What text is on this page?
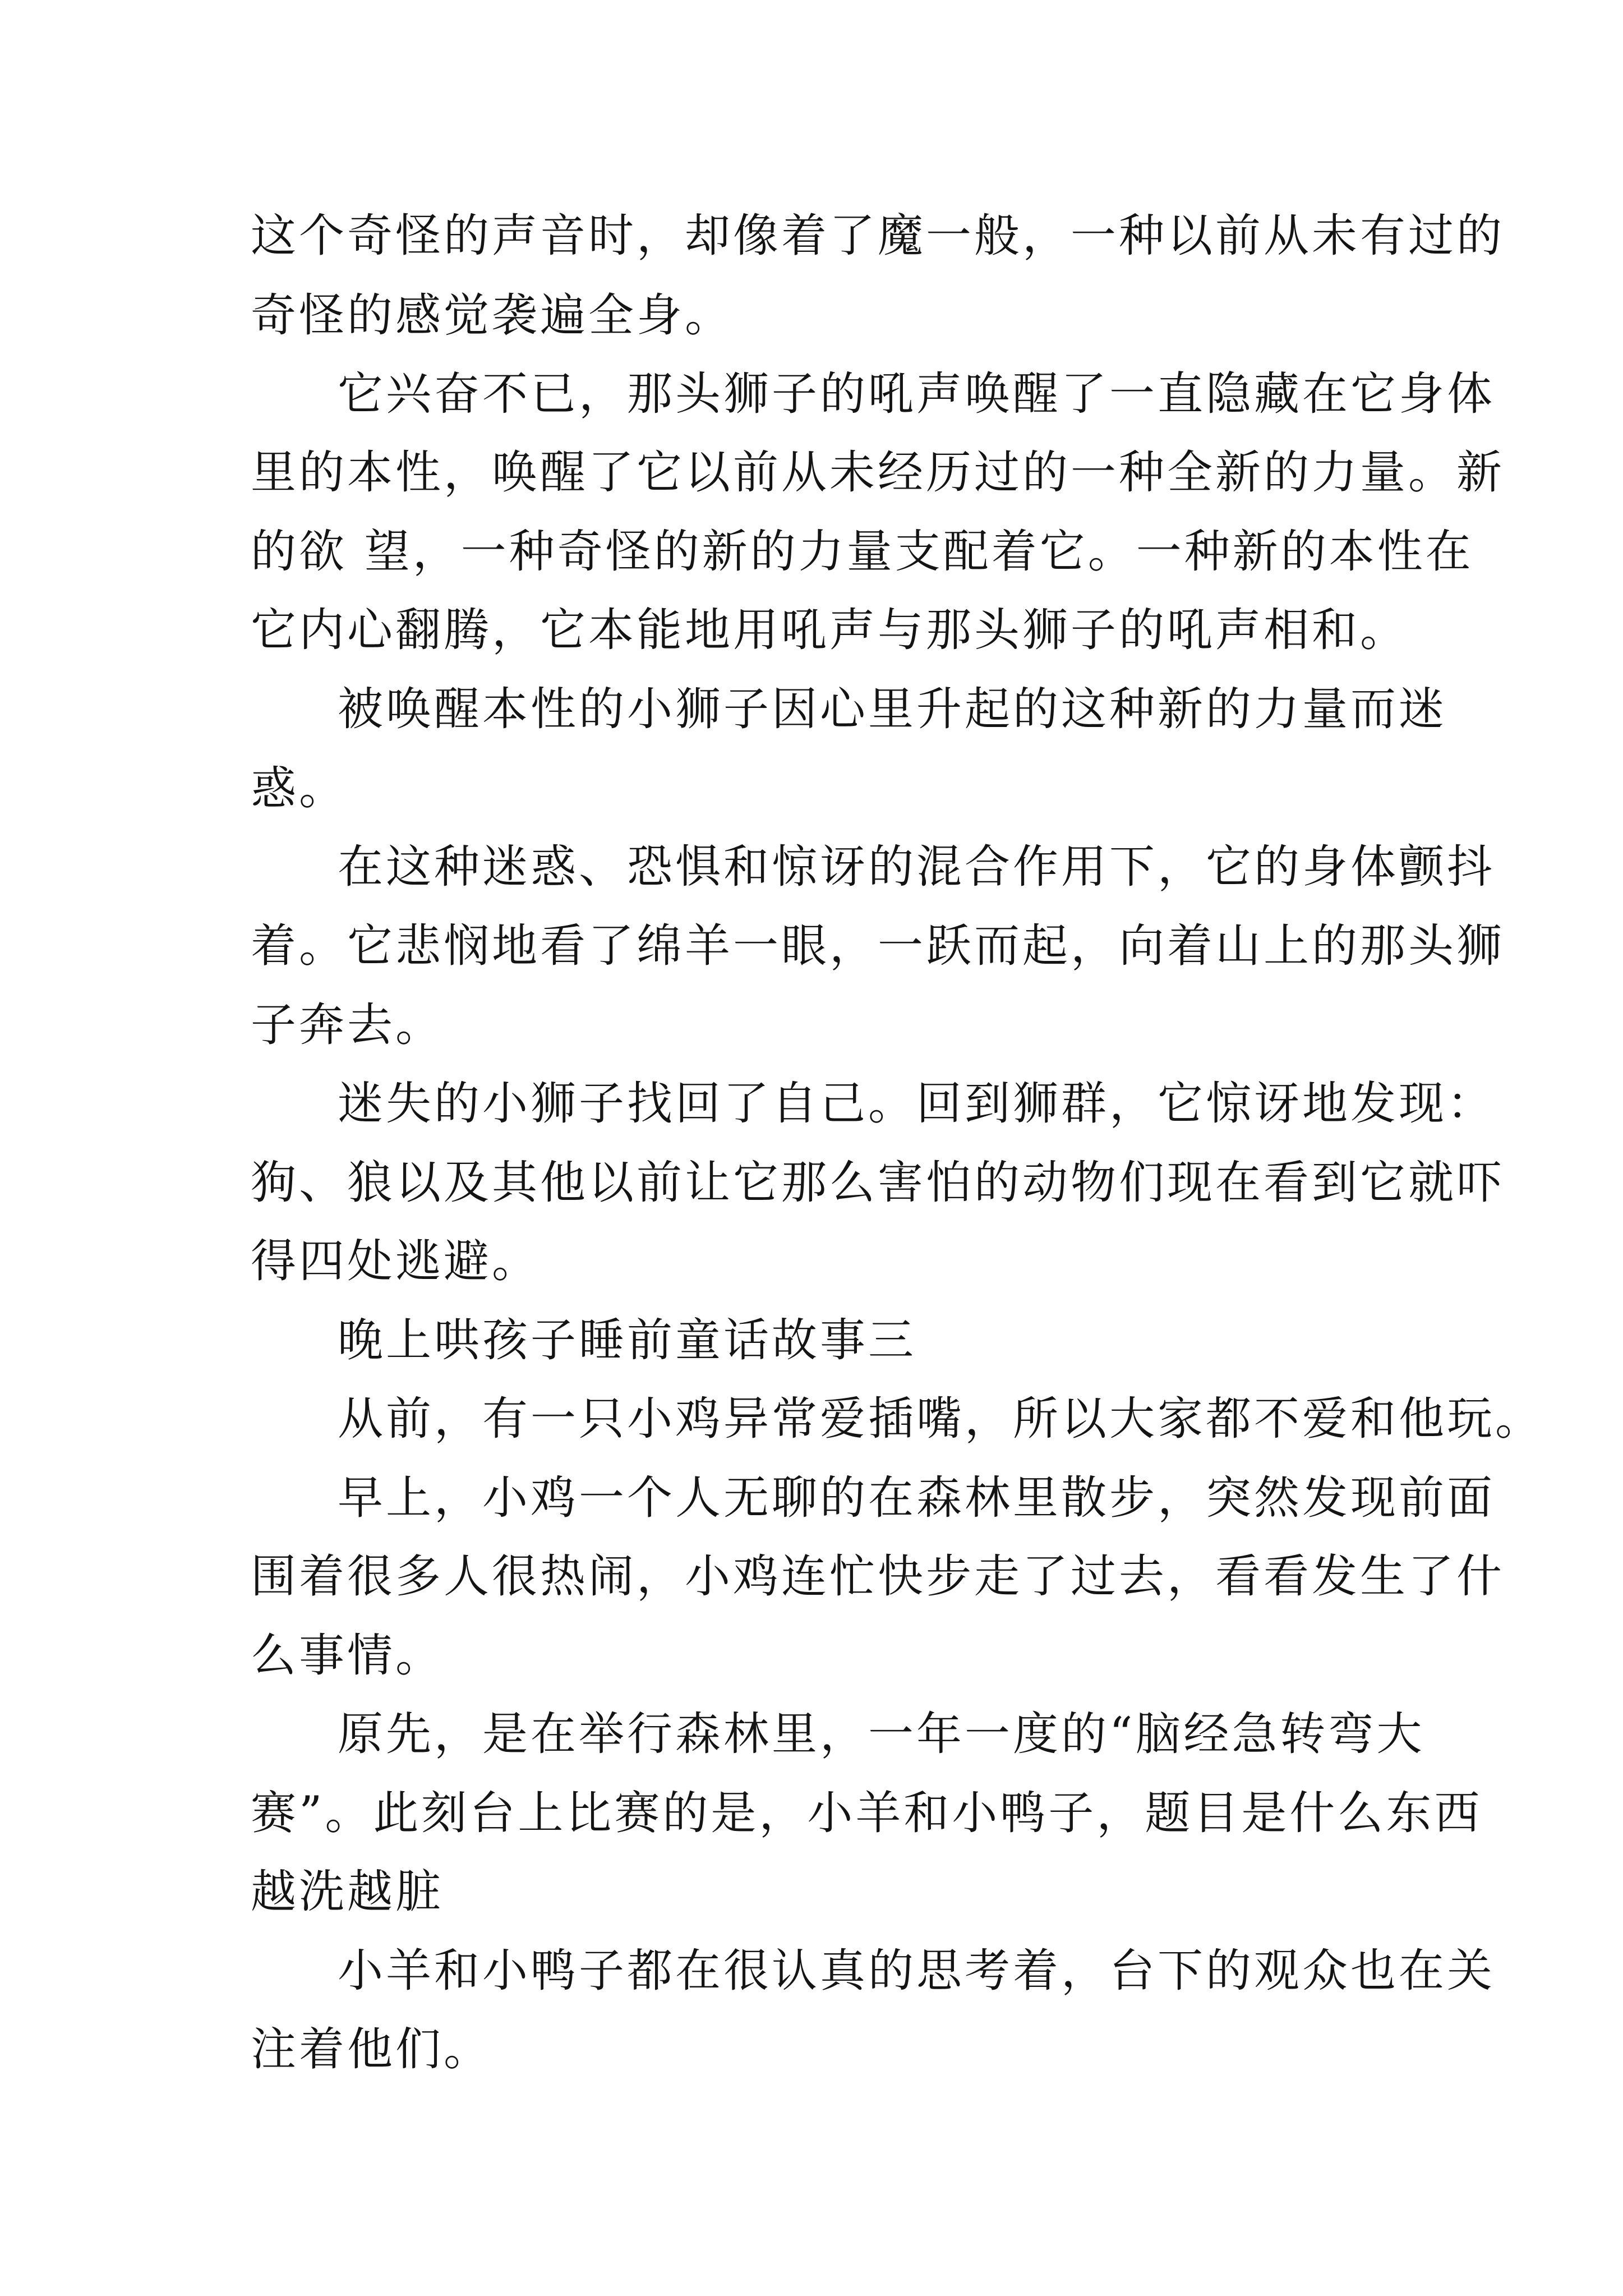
这个奇怪的声音时，却像着了魔一般，一种以前从未有过的
奇怪的感觉袭遍全身。
它兴奋不已，那头狮子的吼声唤醒了一直隐藏在它身体
里的本性，唤醒了它以前从未经历过的一种全新的力量。新
的欲 望，一种奇怪的新的力量支配着它。一种新的本性在
它内心翻腾，它本能地用吼声与那头狮子的吼声相和。
被唤醒本性的小狮子因心里升起的这种新的力量而迷
惑。
在这种迷惑、恐惧和惊讶的混合作用下，它的身体颤抖
着。它悲悯地看了绵羊一眼，一跃而起，向着山上的那头狮
子奔去。
迷失的小狮子找回了自己。回到狮群，它惊讶地发现：
狗、狼以及其他以前让它那么害怕的动物们现在看到它就吓
得四处逃避。
晚上哄孩子睡前童话故事三
从前，有一只小鸡异常爱插嘴，所以大家都不爱和他玩。
早上，小鸡一个人无聊的在森林里散步，突然发现前面
围着很多人很热闹，小鸡连忙快步走了过去，看看发生了什
么事情。
原先，是在举行森林里，一年一度的“脑经急转弯大
赛”。此刻台上比赛的是，小羊和小鸭子，题目是什么东西
越洗越脏
小羊和小鸭子都在很认真的思考着，台下的观众也在关
注着他们。
